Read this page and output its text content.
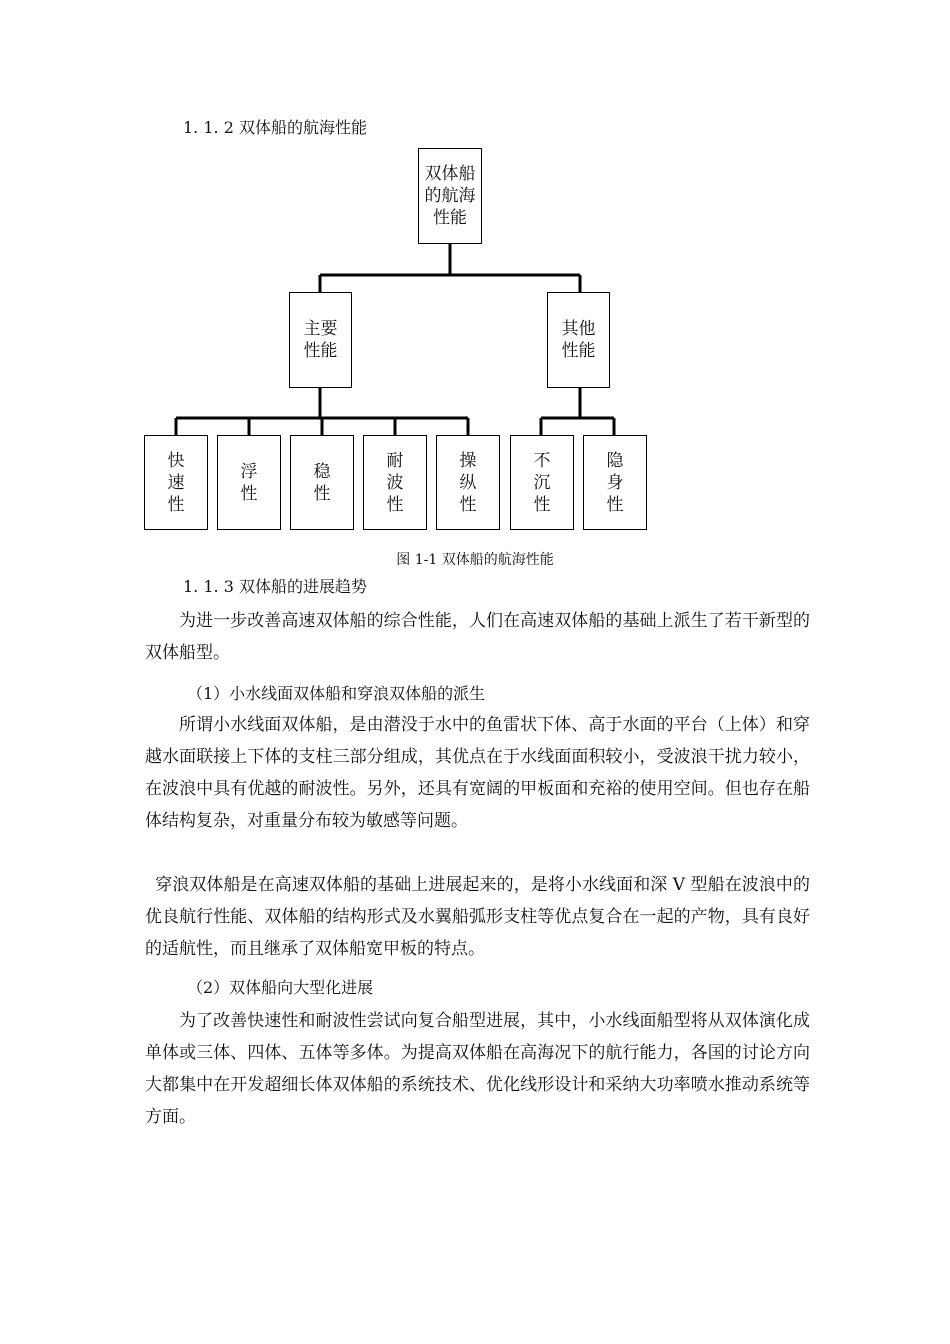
1. 1. 2 双体船的航海性能
双体船
的航海
性能
主要
性能
其他
性能
快速性
浮性
稳性
耐波性
操纵性
不沉性
隐身性
图 1-1 双体船的航海性能
1. 1. 3 双体船的进展趋势

为进一步改善高速双体船的综合性能，人们在高速双体船的基础上派生了若干新型的双体船型。

（1）小水线面双体船和穿浪双体船的派生

所谓小水线面双体船，是由潜没于水中的鱼雷状下体、高于水面的平台（上体）和穿越水面联接上下体的支柱三部分组成，其优点在于水线面面积较小，受波浪干扰力较小，在波浪中具有优越的耐波性。另外，还具有宽阔的甲板面和充裕的使用空间。但也存在船体结构复杂，对重量分布较为敏感等问题。

穿浪双体船是在高速双体船的基础上进展起来的，是将小水线面和深 V 型船在波浪中的优良航行性能、双体船的结构形式及水翼船弧形支柱等优点复合在一起的产物，具有良好的适航性，而且继承了双体船宽甲板的特点。

（2）双体船向大型化进展

为了改善快速性和耐波性尝试向复合船型进展，其中，小水线面船型将从双体演化成单体或三体、四体、五体等多体。为提高双体船在高海况下的航行能力，各国的讨论方向大都集中在开发超细长体双体船的系统技术、优化线形设计和采纳大功率喷水推动系统等方面。
